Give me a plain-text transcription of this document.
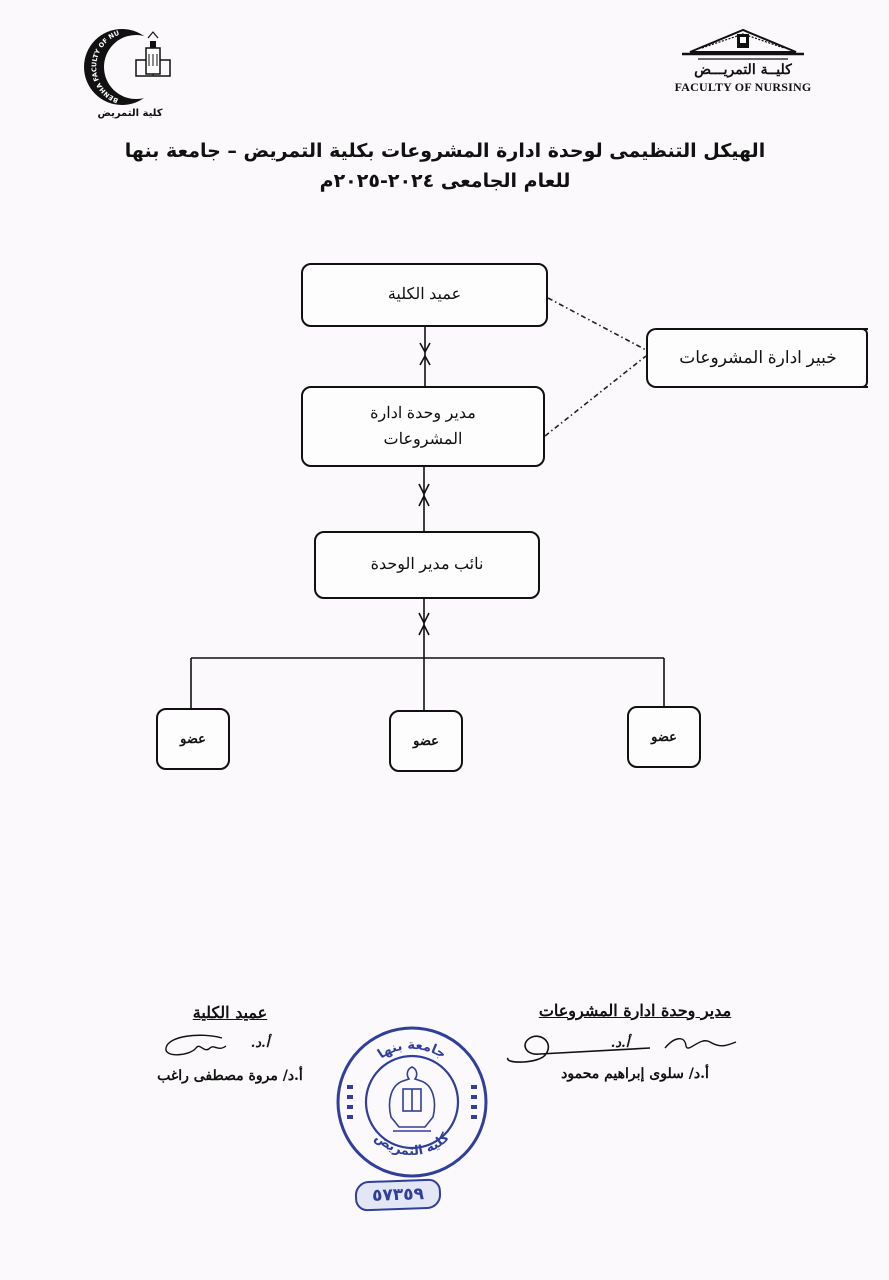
BENHA FACULTY OF NU
كلية التمريض
كليــة التمريـــض
FACULTY OF NURSING
الهيكل التنظيمى لوحدة ادارة المشروعات بكلية التمريض – جامعة بنها
للعام الجامعى ٢٠٢٤-٢٠٢٥م
عميد الكلية
مدير وحدة ادارة المشروعات
نائب مدير الوحدة
خبير ادارة المشروعات
عضو	عضو	عضو
عميد الكلية
أ.د.
أ.د/ مروة مصطفى راغب
مدير وحدة ادارة المشروعات
أ.د.
أ.د/ سلوى إبراهيم محمود
جامعة بنها
كلية التمريض
٥٧٣٥٩
